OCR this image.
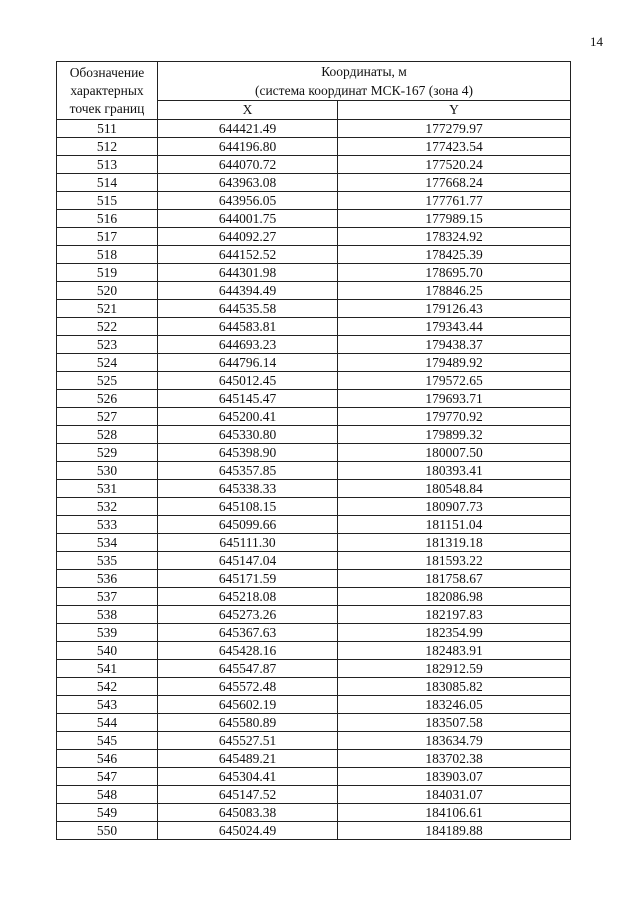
14
Обозначение
характерных
точек границ	Координаты, м
(система координат МСК-167 (зона 4)	
	X	Y
511	644421.49	177279.97
512	644196.80	177423.54
513	644070.72	177520.24
514	643963.08	177668.24
515	643956.05	177761.77
516	644001.75	177989.15
517	644092.27	178324.92
518	644152.52	178425.39
519	644301.98	178695.70
520	644394.49	178846.25
521	644535.58	179126.43
522	644583.81	179343.44
523	644693.23	179438.37
524	644796.14	179489.92
525	645012.45	179572.65
526	645145.47	179693.71
527	645200.41	179770.92
528	645330.80	179899.32
529	645398.90	180007.50
530	645357.85	180393.41
531	645338.33	180548.84
532	645108.15	180907.73
533	645099.66	181151.04
534	645111.30	181319.18
535	645147.04	181593.22
536	645171.59	181758.67
537	645218.08	182086.98
538	645273.26	182197.83
539	645367.63	182354.99
540	645428.16	182483.91
541	645547.87	182912.59
542	645572.48	183085.82
543	645602.19	183246.05
544	645580.89	183507.58
545	645527.51	183634.79
546	645489.21	183702.38
547	645304.41	183903.07
548	645147.52	184031.07
549	645083.38	184106.61
550	645024.49	184189.88
